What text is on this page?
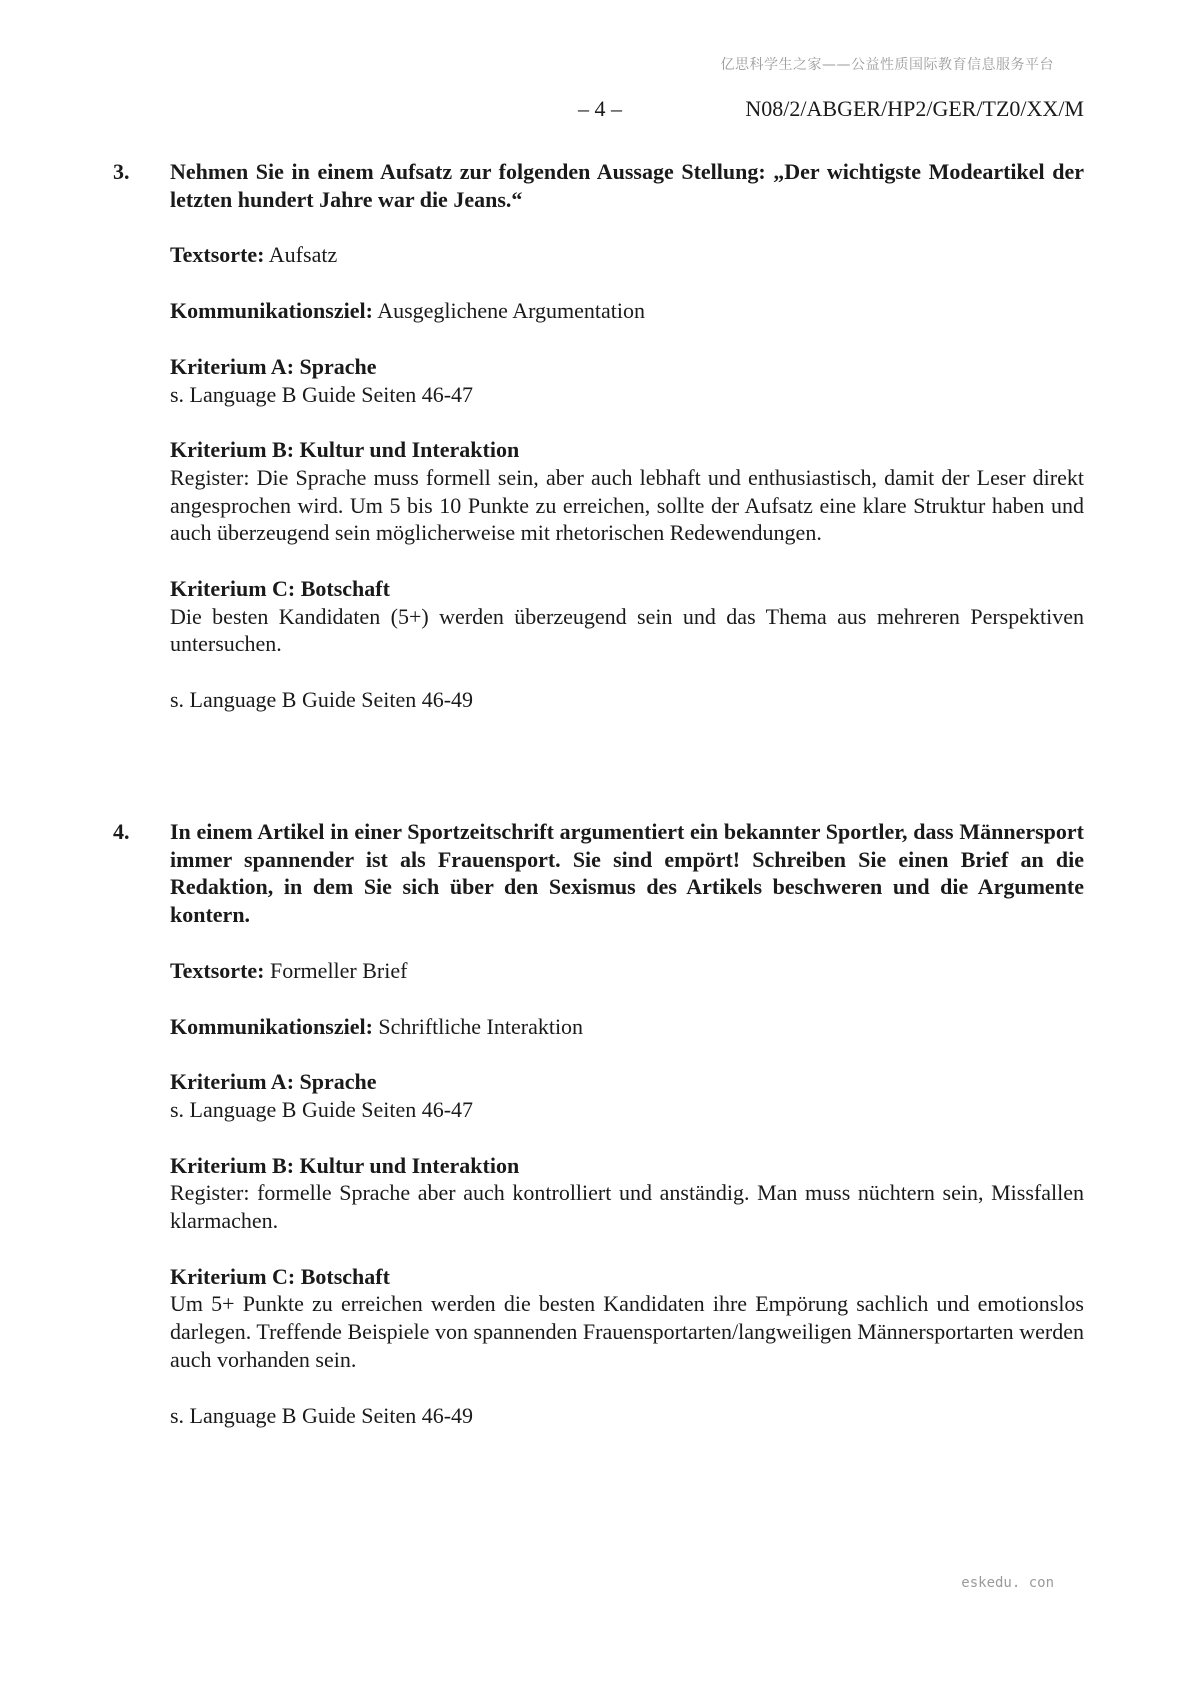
亿思科学生之家——公益性质国际教育信息服务平台
– 4 –	N08/2/ABGER/HP2/GER/TZ0/XX/M
3. Nehmen Sie in einem Aufsatz zur folgenden Aussage Stellung: „Der wichtigste Modeartikel der letzten hundert Jahre war die Jeans.“

Textsorte: Aufsatz

Kommunikationsziel: Ausgeglichene Argumentation

Kriterium A: Sprache
s. Language B Guide Seiten 46-47
Kriterium B: Kultur und Interaktion
Register: Die Sprache muss formell sein, aber auch lebhaft und enthusiastisch, damit der Leser direkt angesprochen wird. Um 5 bis 10 Punkte zu erreichen, sollte der Aufsatz eine klare Struktur haben und auch überzeugend sein möglicherweise mit rhetorischen Redewendungen.
Kriterium C: Botschaft
Die besten Kandidaten (5+) werden überzeugend sein und das Thema aus mehreren Perspektiven untersuchen.

s. Language B Guide Seiten 46-49

4. In einem Artikel in einer Sportzeitschrift argumentiert ein bekannter Sportler, dass Männersport immer spannender ist als Frauensport. Sie sind empört! Schreiben Sie einen Brief an die Redaktion, in dem Sie sich über den Sexismus des Artikels beschweren und die Argumente kontern.

Textsorte: Formeller Brief

Kommunikationsziel: Schriftliche Interaktion

Kriterium A: Sprache
s. Language B Guide Seiten 46-47
Kriterium B: Kultur und Interaktion
Register: formelle Sprache aber auch kontrolliert und anständig. Man muss nüchtern sein, Missfallen klarmachen.
Kriterium C: Botschaft
Um 5+ Punkte zu erreichen werden die besten Kandidaten ihre Empörung sachlich und emotionslos darlegen. Treffende Beispiele von spannenden Frauensportarten/langweiligen Männersportarten werden auch vorhanden sein.

s. Language B Guide Seiten 46-49

eskedu. con
